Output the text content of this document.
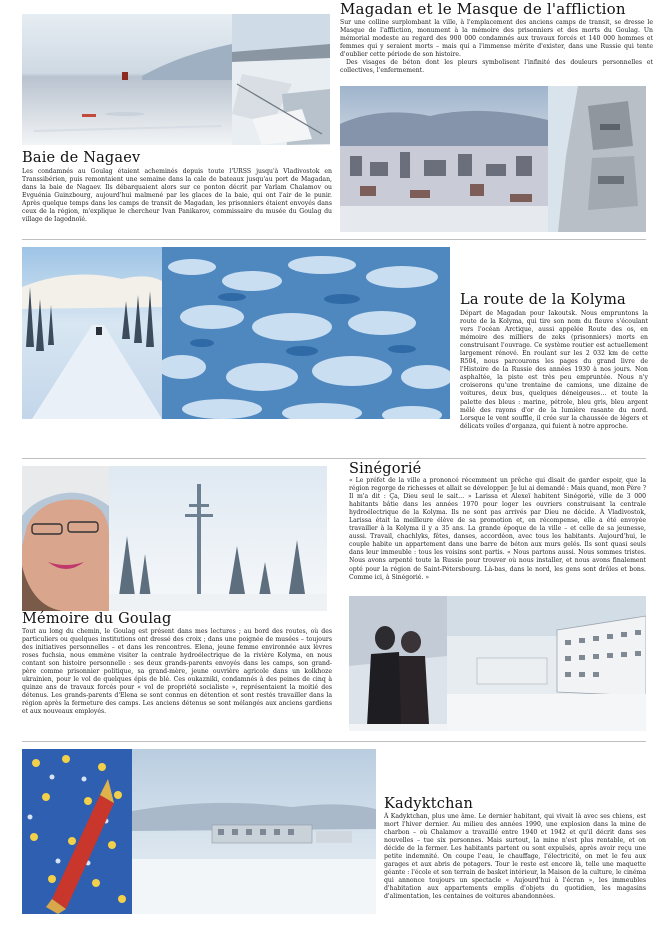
Magadan et le Masque de l'affliction

Sur une colline surplombant la ville, à l'emplacement des anciens camps de transit, se dresse le Masque de l'affliction, monument à la mémoire des prisonniers et des morts du Goulag. Un mémorial modeste au regard des 900 000 condamnés aux travaux forcés et 140 000 hommes et femmes qui y seraient morts – mais qui a l'immense mérite d'exister, dans une Russie qui tente d'oublier cette période de son histoire.

Des visages de béton dont les pleurs symbolisent l'infinité des douleurs personnelles et collectives, l'enfermement.

Baie de Nagaev

Les condamnés au Goulag étaient acheminés depuis toute l'URSS jusqu'à Vladivostok en Transsibérien, puis remontaient une semaine dans la cale de bateaux jusqu'au port de Magadan, dans la baie de Nagaev. Ils débarquaient alors sur ce ponton décrit par Varlam Chalamov ou Evguénia Guinzbourg, aujourd'hui malmené par les glaces de la baie, qui ont l'air de le punir. Après quelque temps dans les camps de transit de Magadan, les prisonniers étaient envoyés dans ceux de la région, m'explique le chercheur Ivan Panikarov, commissaire du musée du Goulag du village de Iagodnoïé.

La route de la Kolyma

Départ de Magadan pour Iakoutsk. Nous empruntons la route de la Kolyma, qui tire son nom du fleuve s'écoulant vers l'océan Arctique, aussi appelée Route des os, en mémoire des milliers de zeks (prisonniers) morts en construisant l'ouvrage. Ce système routier est actuellement largement rénové. En roulant sur les 2 032 km de cette R504, nous parcourons les pages du grand livre de l'Histoire de la Russie des années 1930 à nos jours. Non asphaltée, la piste est très peu empruntée. Nous n'y croiserons qu'une trentaine de camions, une dizaine de voitures, deux bus, quelques déneigeuses… et toute la palette des bleus : marine, pétrole, bleu gris, bleu argent mêlé des rayons d'or de la lumière rasante du nord. Lorsque le vent souffle, il crée sur la chaussée de légers et délicats voiles d'organza, qui fuient à notre approche.

Sinégorié

« Le préfet de la ville a prononcé récemment un prêche qui disait de garder espoir, que la région regorge de richesses et allait se développer. Je lui ai demandé : Mais quand, mon Père ? Il m'a dit : Ça, Dieu seul le sait… » Larissa et Alexeï habitent Sinégorié, ville de 3 000 habitants bâtie dans les années 1970 pour loger les ouvriers construisant la centrale hydroélectrique de la Kolyma. Ils ne sont pas arrivés par Dieu ne décide. À Vladivostok, Larissa était la meilleure élève de sa promotion et, en récompense, elle a été envoyée travailler à la Kolyma il y a 35 ans. La grande époque de la ville – et celle de sa jeunesse, aussi. Travail, chachlyks, fêtes, danses, accordéon, avec tous les habitants. Aujourd'hui, le couple habite un appartement dans une barre de béton aux murs gelés. Ils sont quasi seuls dans leur immeuble : tous les voisins sont partis. « Nous partons aussi. Nous sommes tristes. Nous avons arpenté toute la Russie pour trouver où nous installer, et nous avons finalement opté pour la région de Saint-Pétersbourg. Là-bas, dans le nord, les gens sont drôles et bons. Comme ici, à Sinégorié. »

Mémoire du Goulag

Tout au long du chemin, le Goulag est présent dans mes lectures ; au bord des routes, où des particuliers ou quelques institutions ont dressé des croix ; dans une poignée de musées – toujours des initiatives personnelles – et dans les rencontres. Elena, jeune femme environnée aux lèvres roses fuchsia, nous emmène visiter la centrale hydroélectrique de la rivière Kolyma, en nous contant son histoire personnelle : ses deux grands-parents envoyés dans les camps, son grand-père comme prisonnier politique, sa grand-mère, jeune ouvrière agricole dans un kolkhoze ukrainien, pour le vol de quelques épis de blé. Ces oukazniki, condamnés à des peines de cinq à quinze ans de travaux forcés pour « vol de propriété socialiste », représentaient la moitié des détenus. Les grands-parents d'Elena se sont connus en détention et sont restés travailler dans la région après la fermeture des camps. Les anciens détenus se sont mélangés aux anciens gardiens et aux nouveaux employés.

Kadyktchan

À Kadyktchan, plus une âme. Le dernier habitant, qui vivait là avec ses chiens, est mort l'hiver dernier. Au milieu des années 1990, une explosion dans la mine de charbon – où Chalamov a travaillé entre 1940 et 1942 et qu'il décrit dans ses nouvelles – tue six personnes. Mais surtout, la mine n'est plus rentable, et on décide de la fermer. Les habitants partent ou sont expulsés, après avoir reçu une petite indemnité. On coupe l'eau, le chauffage, l'électricité, on met le feu aux garages et aux abris de potagers. Tour le reste est encore là, telle une maquette géante : l'école et son terrain de basket intérieur, la Maison de la culture, le cinéma qui annonce toujours un spectacle « Aujourd'hui à l'écran », les immeubles d'habitation aux appartements emplis d'objets du quotidien, les magasins d'alimentation, les centaines de voitures abandonnées.
